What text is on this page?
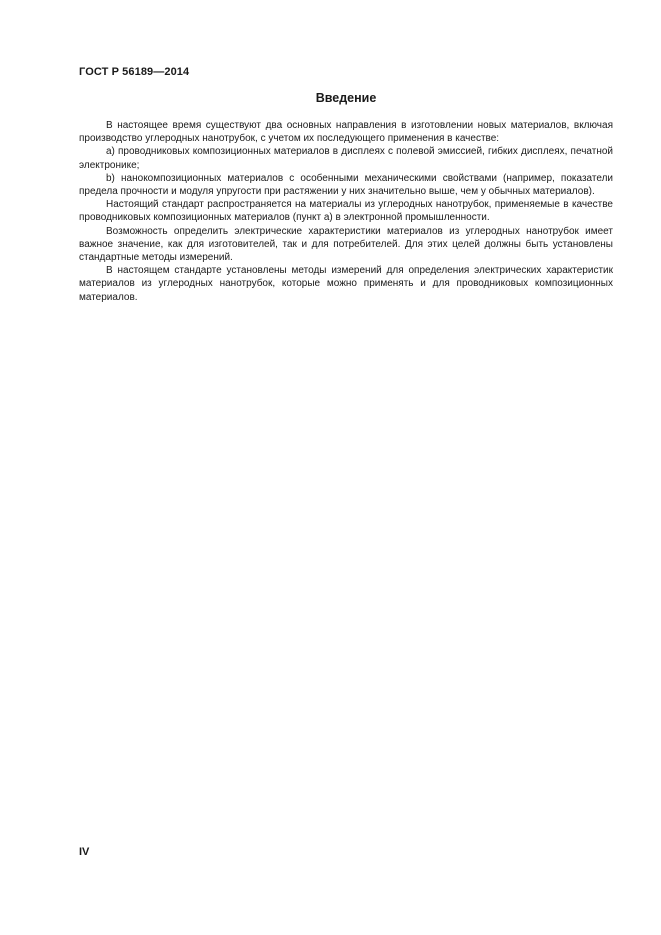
ГОСТ Р 56189—2014
Введение

В настоящее время существуют два основных направления в изготовлении новых материалов, включая производство углеродных нанотрубок, с учетом их последующего применения в качестве:

а) проводниковых композиционных материалов в дисплеях с полевой эмиссией, гибких дисплеях, печатной электронике;

b) нанокомпозиционных материалов с особенными механическими свойствами (например, показатели предела прочности и модуля упругости при растяжении у них значительно выше, чем у обычных материалов).

Настоящий стандарт распространяется на материалы из углеродных нанотрубок, применяемые в качестве проводниковых композиционных материалов (пункт а) в электронной промышленности.

Возможность определить электрические характеристики материалов из углеродных нанотрубок имеет важное значение, как для изготовителей, так и для потребителей. Для этих целей должны быть установлены стандартные методы измерений.

В настоящем стандарте установлены методы измерений для определения электрических характеристик материалов из углеродных нанотрубок, которые можно применять и для проводниковых композиционных материалов.

IV
